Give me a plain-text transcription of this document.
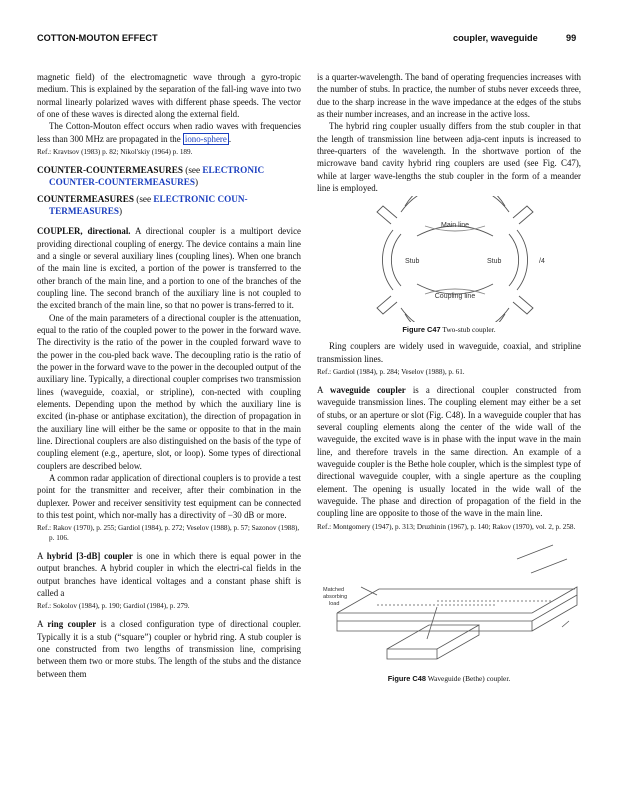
COTTON-MOUTON EFFECT	coupler, waveguide	99

magnetic field) of the electromagnetic wave through a gyro-tropic medium. This is explained by the separation of the fall-ing wave into two normal linearly polarized waves with different phase speeds. The vector of one of these waves is directed along the external field.

The Cotton-Mouton effect occurs when radio waves with frequencies less than 300 MHz are propagated in the iono-sphere .

Ref.: Kravtsov (1983) p. 82; Nikol'skiy (1964) p. 189.

COUNTER-COUNTERMEASURES (see ELECTRONIC COUNTER-COUNTERMEASURES)

COUNTERMEASURES (see ELECTRONIC COUN-TERMEASURES)

COUPLER, directional. A directional coupler is a multiport device providing directional coupling of energy. The device contains a main line and a single or several auxiliary lines (coupling lines). When one branch of the main line is excited, a portion of the power is transferred to the other branch of the main line, and a portion to one of the branches of the coupling line. The second branch of the auxiliary line is not coupled to the excited branch of the main line, so that no power is trans-ferred to it.

One of the main parameters of a directional coupler is the attenuation, equal to the ratio of the coupled power to the power in the forward wave. The directivity is the ratio of the power in the coupled forward wave to the power in the cou-pled back wave. The decoupling ratio is the ratio of the power in the forward wave to the power in the decoupled output of the auxiliary line. Typically, a directional coupler comprises two transmission lines (waveguide, coaxial, or stripline), con-nected with coupling elements. Depending upon the method by which the auxiliary line is excited (in-phase or antiphase excitation), the direction of propagation in the auxiliary line will either be the same or opposite to that in the main line. Directional couplers are also distinguished on the basis of the type of coupling element (e.g., aperture, slot, or loop). Some types of directional couplers are described below.

A common radar application of directional couplers is to provide a test point for the transmitter and receiver, after their combination in the duplexer. Power and receiver sensitivity test equipment can be connected to this test point, which nor-mally has a directivity of −30 dB or more.

Ref.: Rakov (1970), p. 255; Gardiol (1984), p. 272; Veselov (1988), p. 57; Sazonov (1988), p. 106.

A hybrid [3-dB] coupler is one in which there is equal power in the output branches. A hybrid coupler in which the electri-cal fields in the output branches have identical voltages and a constant phase shift is called a

Ref.: Sokolov (1984), p. 190; Gardiol (1984), p. 279.

A ring coupler is a closed configuration type of directional coupler. Typically it is a stub (“square”) coupler or hybrid ring. A stub coupler is one constructed from two lengths of transmission line, comprising between them two or more stubs. The length of the stubs and the distance between them

is a quarter-wavelength. The band of operating frequencies increases with the number of stubs. In practice, the number of stubs never exceeds three, due to the sharp increase in the wave impedance at the edges of the stubs as their number increases, and an increase in the active loss.

The hybrid ring coupler usually differs from the stub coupler in that the length of transmission line between adja-cent inputs is increased to three-quarters of the wavelength. In the shortwave portion of the microwave band cavity hybrid ring couplers are used (see Fig. C47), while at larger wave-lengths the stub coupler in the form of a meander line is employed.

Main line
Stub	Stub	/4
Coupling line
Figure C47 Two-stub coupler.

Ring couplers are widely used in waveguide, coaxial, and stripline transmission lines.

Ref.: Gardiol (1984), p. 284; Veselov (1988), p. 61.

A waveguide coupler is a directional coupler constructed from waveguide transmission lines. The coupling element may either be a set of stubs, or an aperture or slot (Fig. C48). In a waveguide coupler that has several coupling elements along the center of the wide wall of the waveguide, the excited wave is in phase with the input wave in the main line, and therefore travels in the same direction. An example of a waveguide coupler is the Bethe hole coupler, which is the simplest type of directional waveguide coupler, with a single aperture as the coupling element. The opening is usually located in the wide wall of the waveguide. The phase and direction of propagation of the field in the coupling line are opposite to those of the wave in the main line.

Ref.: Montgomery (1947), p. 313; Druzhinin (1967), p. 140; Rakov (1970), vol. 2, p. 258.

Matched
absorbing
load
Figure C48 Waveguide (Bethe) coupler.
